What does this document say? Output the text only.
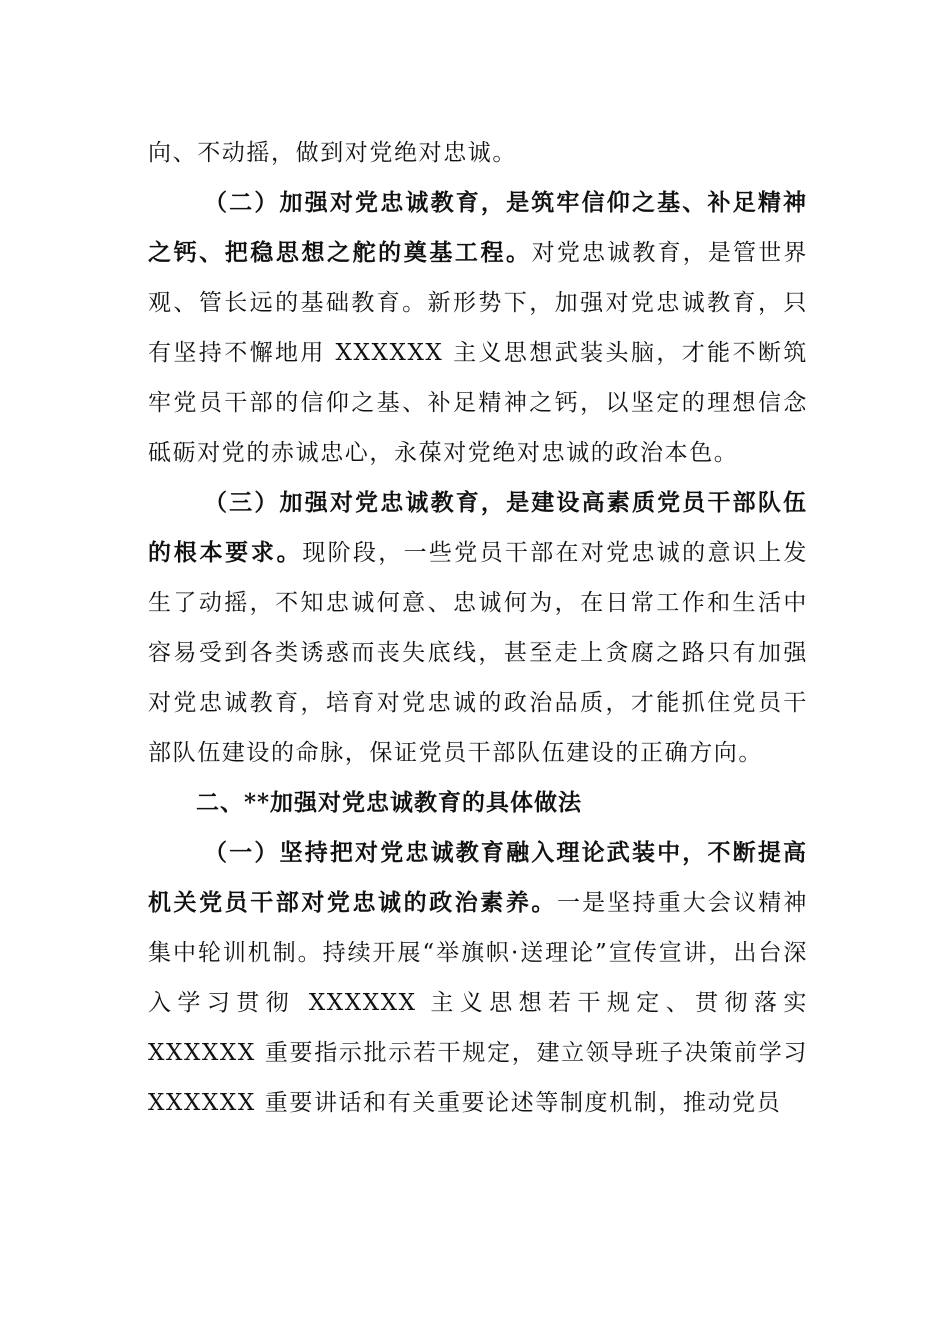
向、不动摇，做到对党绝对忠诚。

（二）加强对党忠诚教育，是筑牢信仰之基、补足精神之钙、把稳思想之舵的奠基工程。对党忠诚教育，是管世界观、管长远的基础教育。新形势下，加强对党忠诚教育，只有坚持不懈地用 XXXXXX 主义思想武装头脑，才能不断筑牢党员干部的信仰之基、补足精神之钙，以坚定的理想信念砥砺对党的赤诚忠心，永葆对党绝对忠诚的政治本色。

（三）加强对党忠诚教育，是建设高素质党员干部队伍的根本要求。现阶段，一些党员干部在对党忠诚的意识上发生了动摇，不知忠诚何意、忠诚何为，在日常工作和生活中容易受到各类诱惑而丧失底线，甚至走上贪腐之路只有加强对党忠诚教育，培育对党忠诚的政治品质，才能抓住党员干部队伍建设的命脉，保证党员干部队伍建设的正确方向。

二、**加强对党忠诚教育的具体做法

（一）坚持把对党忠诚教育融入理论武装中，不断提高机关党员干部对党忠诚的政治素养。一是坚持重大会议精神集中轮训机制。持续开展“举旗帜·送理论”宣传宣讲，出台深入学习贯彻 XXXXXX 主义思想若干规定、贯彻落实 XXXXXX 重要指示批示若干规定，建立领导班子决策前学习 XXXXXX 重要讲话和有关重要论述等制度机制，推动党员
